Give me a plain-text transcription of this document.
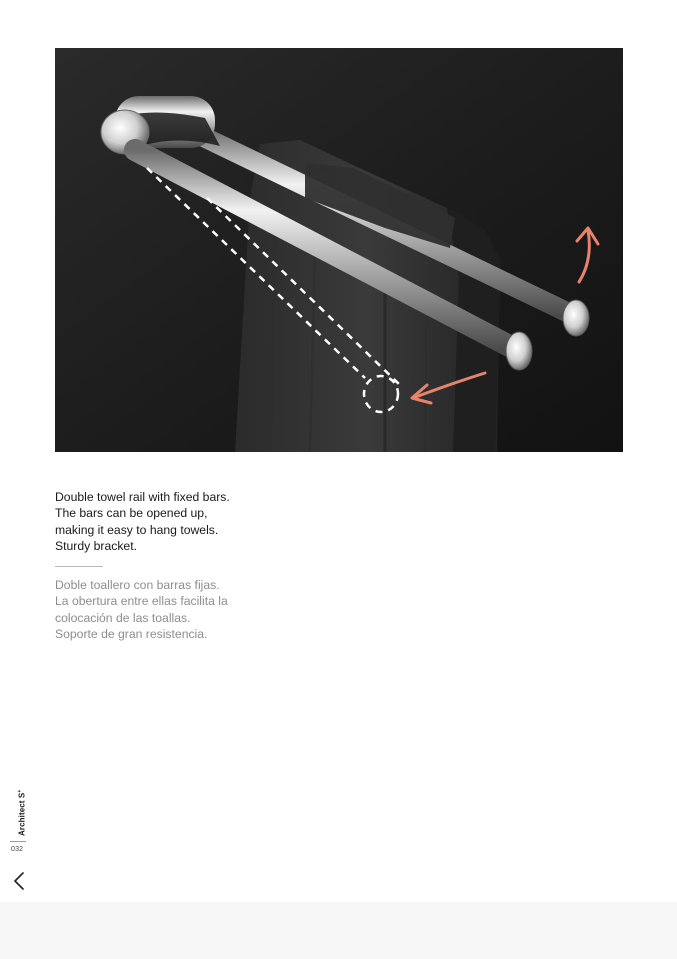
Double towel rail with fixed bars.
The bars can be opened up,
making it easy to hang towels.
Sturdy bracket.
Doble toallero con barras fijas.
La obertura entre ellas facilita la
colocación de las toallas.
Soporte de gran resistencia.
Architect S+
032
